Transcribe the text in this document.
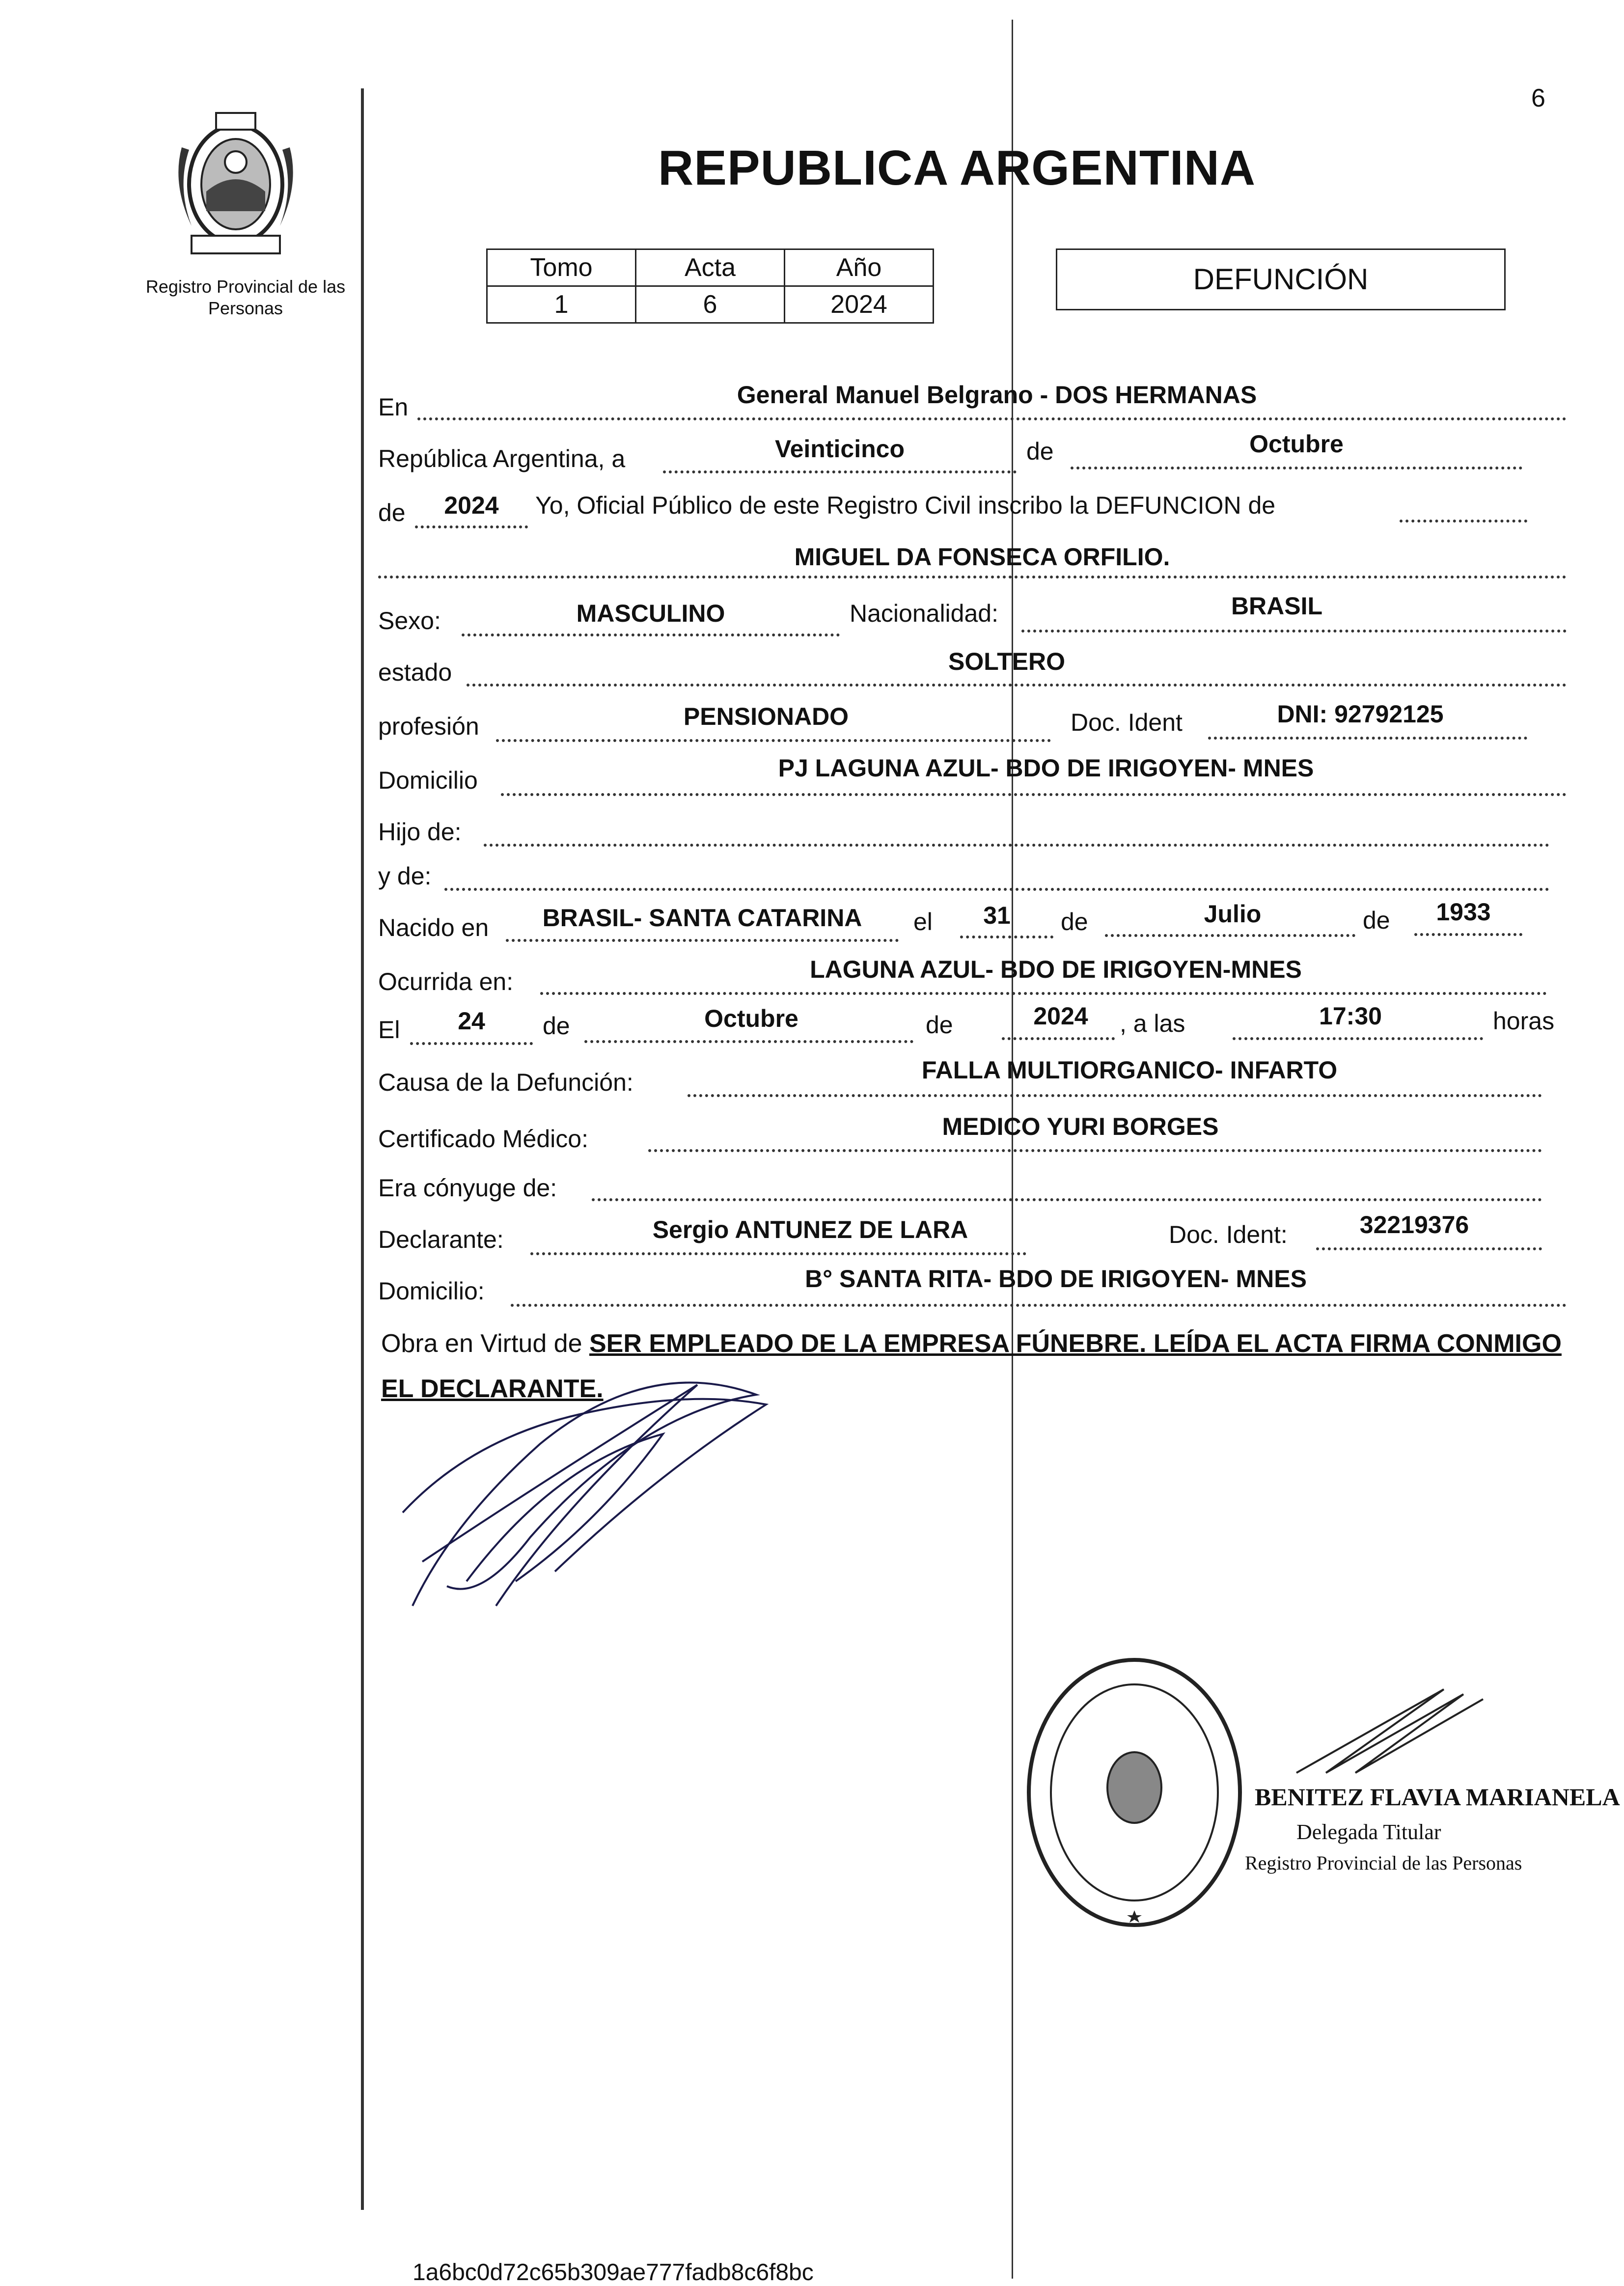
6
Registro Provincial de las Personas
REPUBLICA ARGENTINA
Tomo	Acta	Año
1	6	2024
DEFUNCIÓN
En	General Manuel Belgrano - DOS HERMANAS
República Argentina, a	Veinticinco	de	Octubre
de	2024	Yo, Oficial Público de este Registro Civil inscribo la DEFUNCION de
MIGUEL DA FONSECA ORFILIO.
Sexo:	MASCULINO	Nacionalidad:	BRASIL
estado	SOLTERO
profesión	PENSIONADO	Doc. Ident	DNI: 92792125
Domicilio	PJ LAGUNA AZUL- BDO DE IRIGOYEN- MNES
Hijo de:
y de:
Nacido en	BRASIL- SANTA CATARINA	el	31	de	Julio	de	1933
Ocurrida en:	LAGUNA AZUL- BDO DE IRIGOYEN-MNES
El	24	de	Octubre	de	2024	, a las	17:30	horas
Causa de la Defunción:	FALLA MULTIORGANICO- INFARTO
Certificado Médico:	MEDICO YURI BORGES
Era cónyuge de:
Declarante:	Sergio ANTUNEZ DE LARA	Doc. Ident:	32219376
Domicilio:	B° SANTA RITA- BDO DE IRIGOYEN- MNES
Obra en Virtud de SER EMPLEADO DE LA EMPRESA FÚNEBRE. LEÍDA EL ACTA FIRMA CONMIGO EL DECLARANTE.
BENITEZ FLAVIA MARIANELA
Delegada Titular
Registro Provincial de las Personas
1a6bc0d72c65b309ae777fadb8c6f8bc
